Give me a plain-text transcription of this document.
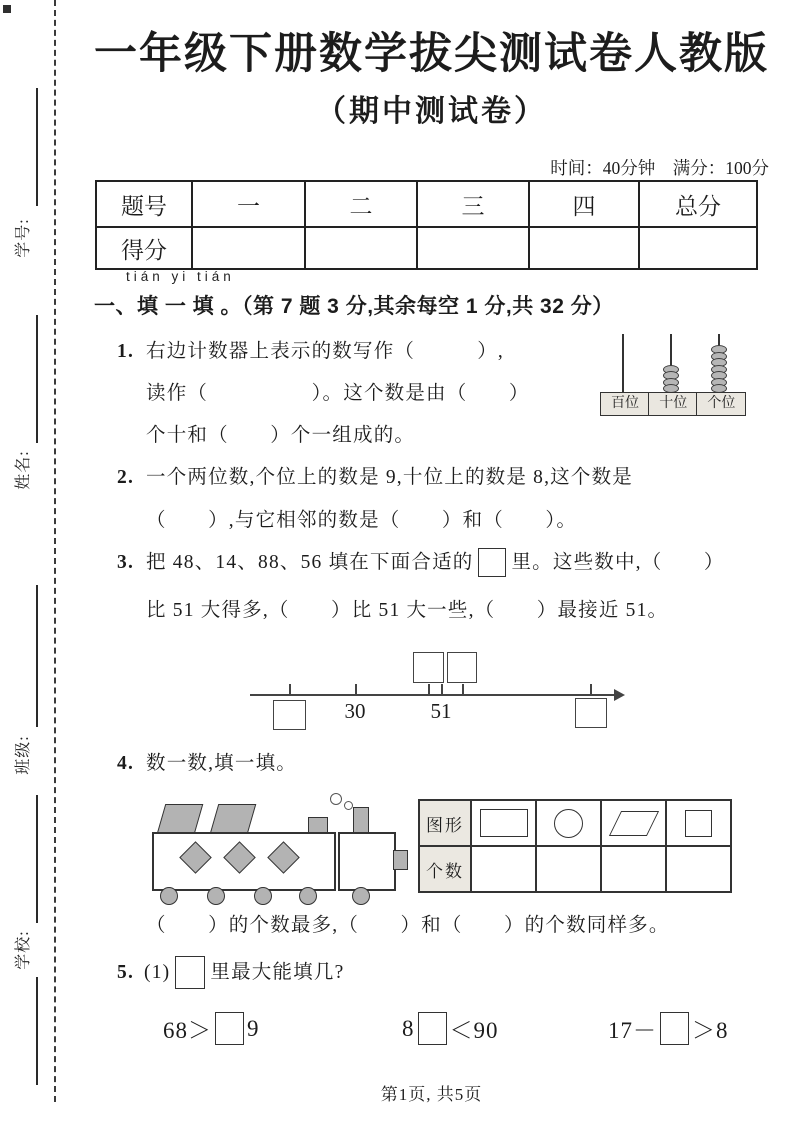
学号:
姓名:
班级:
学校:
一年级下册数学拔尖测试卷人教版
（期中测试卷）
时间：40分钟　满分：100分
题号	一	二	三	四	总分
得分					
tián yi tián
一、填 一 填 。（第 7 题 3 分,其余每空 1 分,共 32 分）
1. 右边计数器上表示的数写作（　　　）,
读作（　　　　　）。这个数是由（　　）
个十和（　　）个一组成的。
百位	十位	个位
2. 一个两位数,个位上的数是 9,十位上的数是 8,这个数是
（　　）,与它相邻的数是（　　）和（　　）。
3. 把 48、14、88、56 填在下面合适的 里。这些数中,（　　）
比 51 大得多,（　　）比 51 大一些,（　　）最接近 51。
30	51
4. 数一数,填一填。
图形	

个数				
（　　）的个数最多,（　　）和（　　）的个数同样多。
5. (1) 里最大能填几?
68＞ 9	8 ＜90	17－ ＞8
第1页, 共5页
